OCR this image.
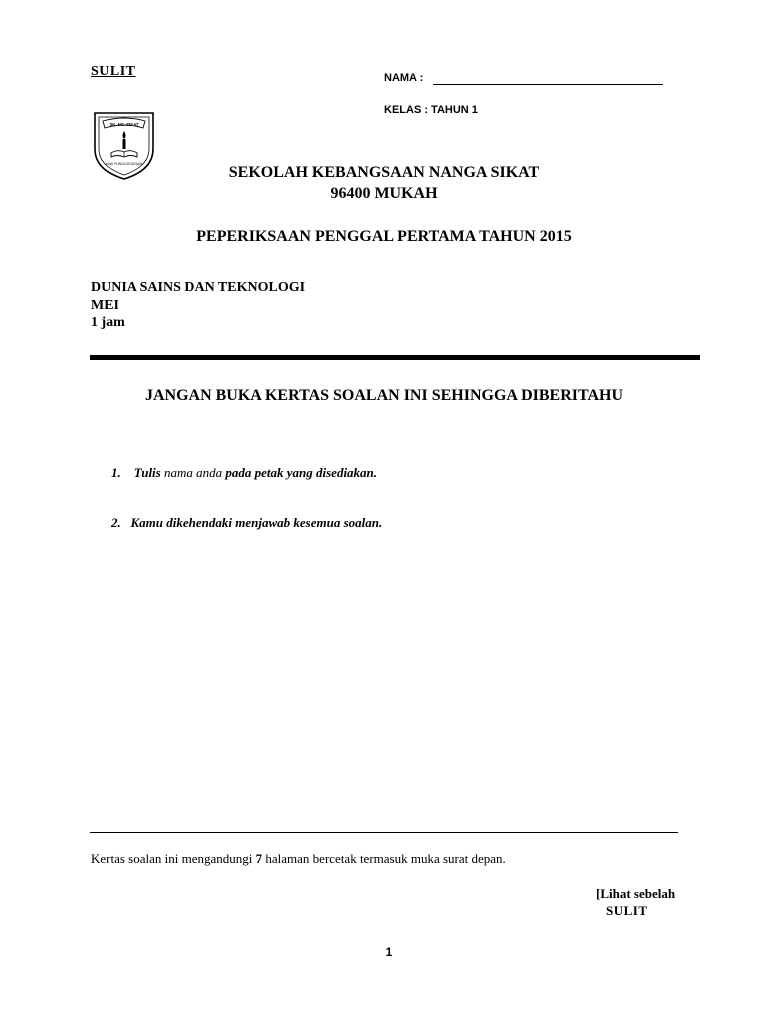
SULIT	NAMA :
KELAS : TAHUN 1
SK. NG. SIKAT
ILMU PUNCA KEJAYAAN	SEKOLAH KEBANGSAAN NANGA SIKAT
96400 MUKAH
PEPERIKSAAN PENGGAL PERTAMA TAHUN 2015
DUNIA SAINS DAN TEKNOLOGI
MEI
1 jam
JANGAN BUKA KERTAS SOALAN INI SEHINGGA DIBERITAHU
1. Tulis nama anda pada petak yang disediakan.
2. Kamu dikehendaki menjawab kesemua soalan.
Kertas soalan ini mengandungi 7 halaman bercetak termasuk muka surat depan.
[Lihat sebelah
SULIT
1
